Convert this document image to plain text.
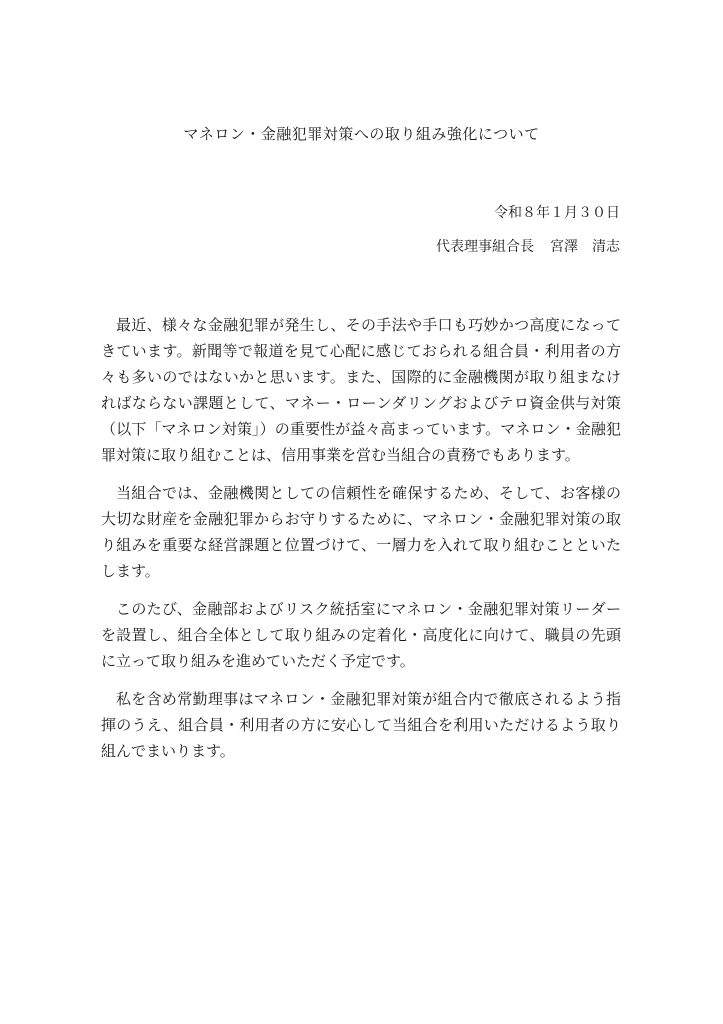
マネロン・金融犯罪対策への取り組み強化について
令和８年１月３０日
代表理事組合長 宮澤　清志

最近、様々な金融犯罪が発生し、その手法や手口も巧妙かつ高度になってきています。新聞等で報道を見て心配に感じておられる組合員・利用者の方々も多いのではないかと思います。また、国際的に金融機関が取り組まなければならない課題として、マネー・ローンダリングおよびテロ資金供与対策（以下「マネロン対策」）の重要性が益々高まっています。マネロン・金融犯罪対策に取り組むことは、信用事業を営む当組合の責務でもあります。

当組合では、金融機関としての信頼性を確保するため、そして、お客様の大切な財産を金融犯罪からお守りするために、マネロン・金融犯罪対策の取り組みを重要な経営課題と位置づけて、一層力を入れて取り組むことといたします。

このたび、金融部およびリスク統括室にマネロン・金融犯罪対策リーダーを設置し、組合全体として取り組みの定着化・高度化に向けて、職員の先頭に立って取り組みを進めていただく予定です。

私を含め常勤理事はマネロン・金融犯罪対策が組合内で徹底されるよう指揮のうえ、組合員・利用者の方に安心して当組合を利用いただけるよう取り組んでまいります。
